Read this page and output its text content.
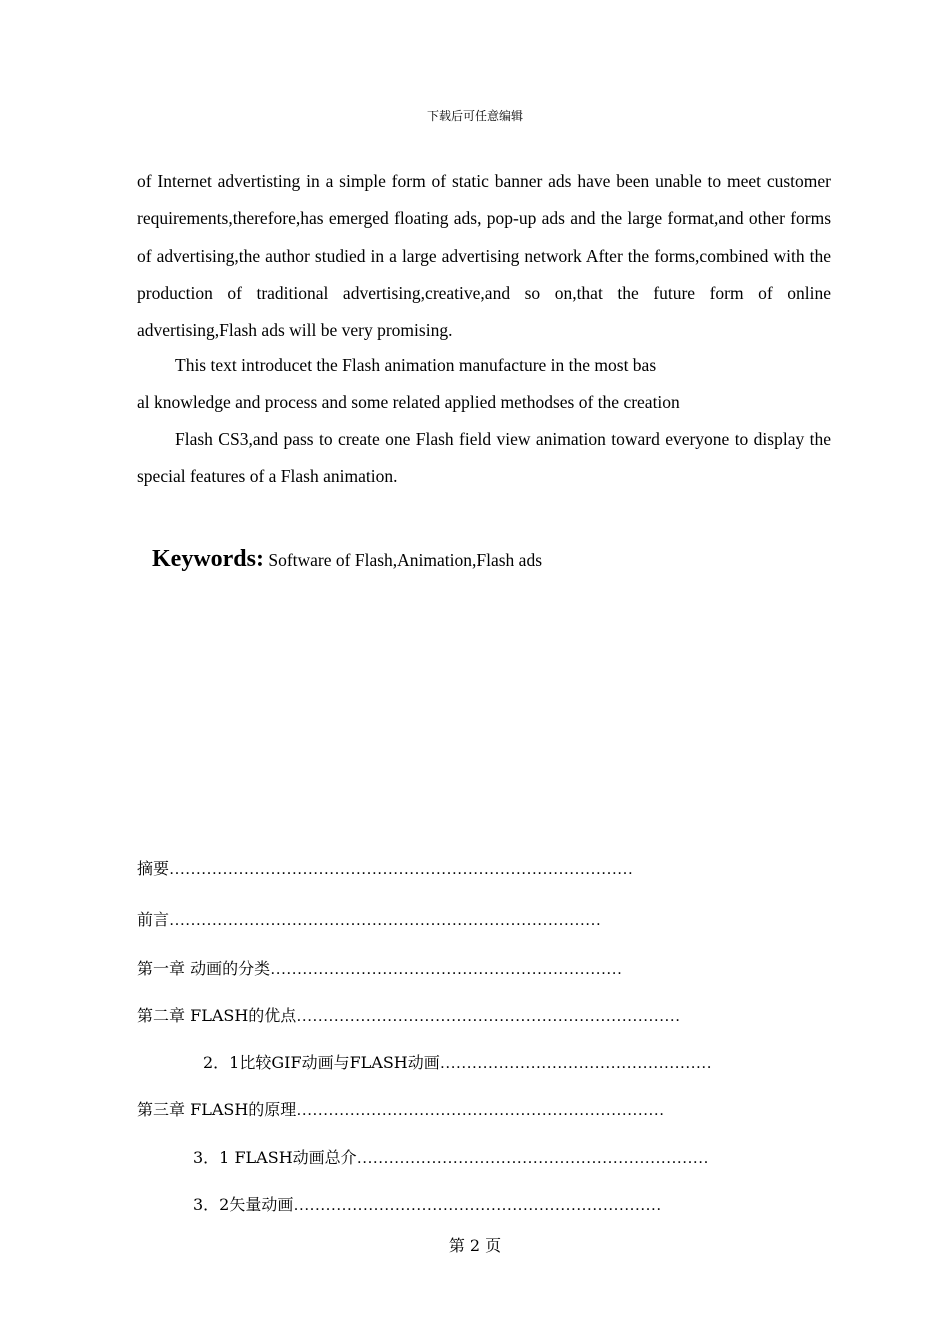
下载后可任意编辑
of Internet advertisting in a simple form of static banner ads have been unable to meet customer requirements,therefore,has emerged floating ads, pop-up ads and the large format,and other forms of advertising,the author studied in a large advertising network After the forms,combined with the production of traditional advertising,creative,and so on,that the future form of online advertising,Flash ads will be very promising.
This text introducet the Flash animation manufacture in the most bas
al knowledge and process and some related applied methodses of the creation
Flash CS3,and pass to create one Flash field view animation toward everyone to display the special features of a Flash animation.
Keywords: Software of Flash,Animation,Flash ads
摘要……………………………………………………………………………
前言………………………………………………………………………
第一章 动画的分类…………………………………………………………
第二章 FLASH的优点………………………………………………………………
2．1比较GIF动画与FLASH动画……………………………………………
第三章 FLASH的原理……………………………………………………………
3．1 FLASH动画总介…………………………………………………………
3．2矢量动画……………………………………………………………
第 2 页
